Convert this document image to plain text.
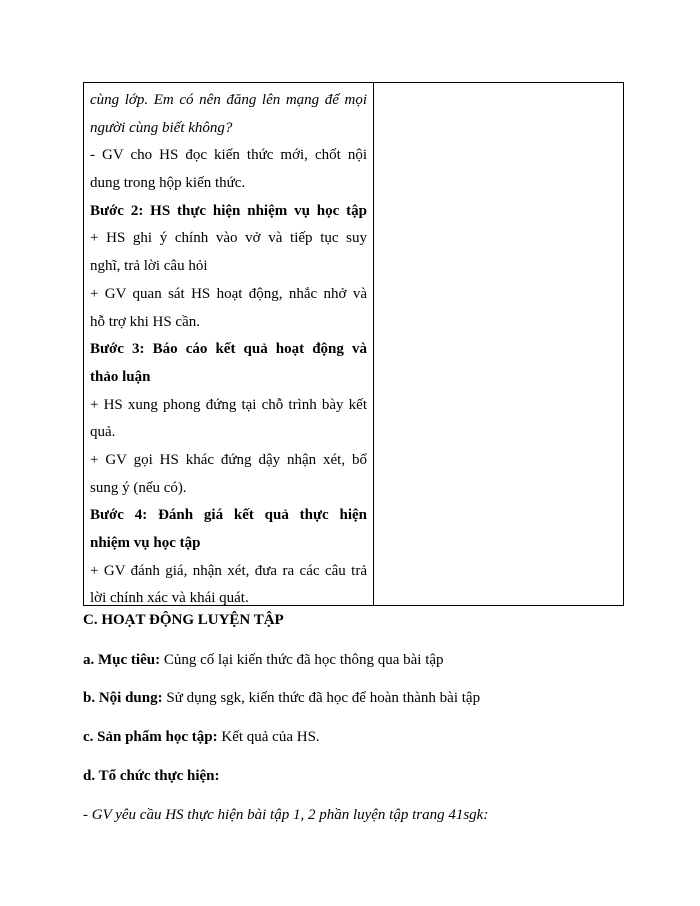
cùng lớp. Em có nên đăng lên mạng để mọi
người cùng biết không?
- GV cho HS đọc kiến thức mới, chốt nội
dung trong hộp kiến thức.
Bước 2: HS thực hiện nhiệm vụ học tập
+ HS ghi ý chính vào vở và tiếp tục suy
nghĩ, trả lời câu hỏi
+ GV quan sát HS hoạt động, nhắc nhở và
hỗ trợ khi HS cần.
Bước 3: Báo cáo kết quả hoạt động và
thảo luận
+ HS xung phong đứng tại chỗ trình bày kết
quả.
+ GV gọi HS khác đứng dậy nhận xét, bổ
sung ý (nếu có).
Bước 4: Đánh giá kết quả thực hiện
nhiệm vụ học tập
+ GV đánh giá, nhận xét, đưa ra các câu trả
lời chính xác và khái quát.
C. HOẠT ĐỘNG LUYỆN TẬP
a. Mục tiêu: Củng cố lại kiến thức đã học thông qua bài tập
b. Nội dung: Sử dụng sgk, kiến thức đã học để hoàn thành bài tập
c. Sản phẩm học tập: Kết quả của HS.
d. Tổ chức thực hiện:
- GV yêu cầu HS thực hiện bài tập 1, 2 phần luyện tập trang 41sgk:
